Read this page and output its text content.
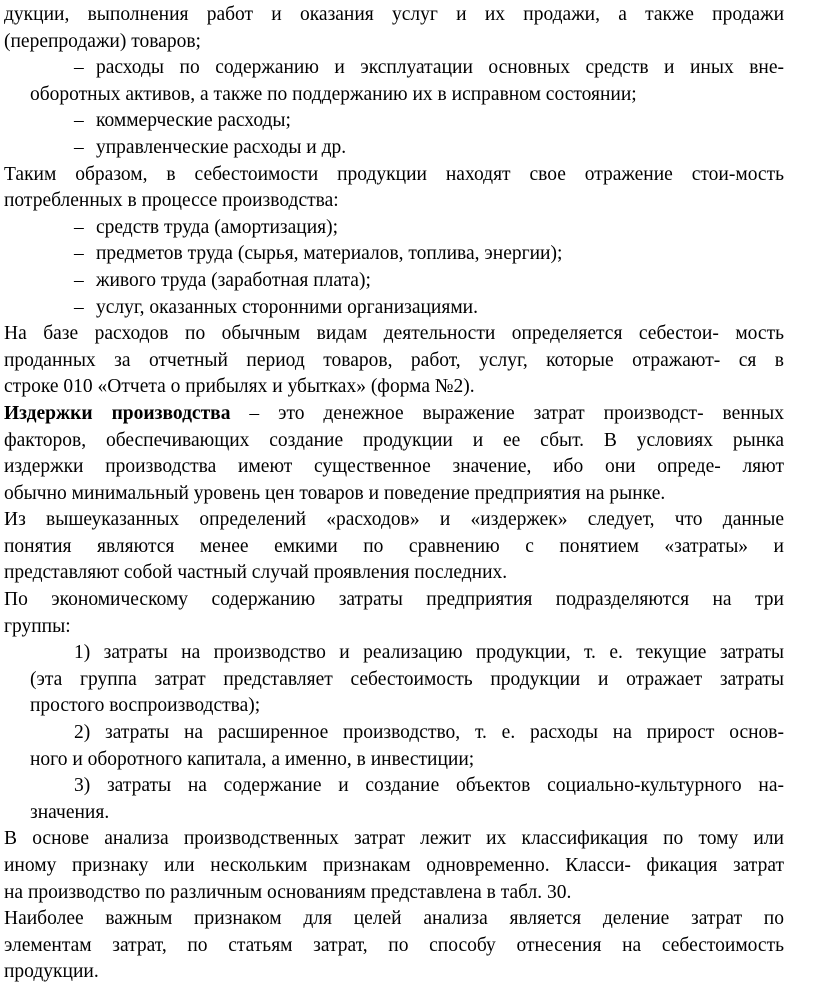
дукции, выполнения работ и оказания услуг и их продажи, а также продажи
(перепродажи) товаров;
– расходы по содержанию и эксплуатации основных средств и иных вне-
оборотных активов, а также по поддержанию их в исправном состоянии;
– коммерческие расходы;
– управленческие расходы и др.
Таким образом, в себестоимости продукции находят свое отражение стои-мость
потребленных в процессе производства:
– средств труда (амортизация);
– предметов труда (сырья, материалов, топлива, энергии);
– живого труда (заработная плата);
– услуг, оказанных сторонними организациями.
На базе расходов по обычным видам деятельности определяется себестои- мость
проданных за отчетный период товаров, работ, услуг, которые отражают- ся в
строке 010 «Отчета о прибылях и убытках» (форма №2).
Издержки производства – это денежное выражение затрат производст- венных
факторов, обеспечивающих создание продукции и ее сбыт. В условиях рынка
издержки производства имеют существенное значение, ибо они опреде- ляют
обычно минимальный уровень цен товаров и поведение предприятия на рынке.
Из вышеуказанных определений «расходов» и «издержек» следует, что данные
понятия являются менее емкими по сравнению с понятием «затраты» и
представляют собой частный случай проявления последних.
По экономическому содержанию затраты предприятия подразделяются на три
группы:
1) затраты на производство и реализацию продукции, т. е. текущие затраты
(эта группа затрат представляет себестоимость продукции и отражает затраты
простого воспроизводства);
2) затраты на расширенное производство, т. е. расходы на прирост основ-
ного и оборотного капитала, а именно, в инвестиции;
3) затраты на содержание и создание объектов социально-культурного на-
значения.
В основе анализа производственных затрат лежит их классификация по тому или
иному признаку или нескольким признакам одновременно. Класси- фикация затрат
на производство по различным основаниям представлена в табл. 30.
Наиболее важным признаком для целей анализа является деление затрат по
элементам затрат, по статьям затрат, по способу отнесения на себестоимость
продукции.
